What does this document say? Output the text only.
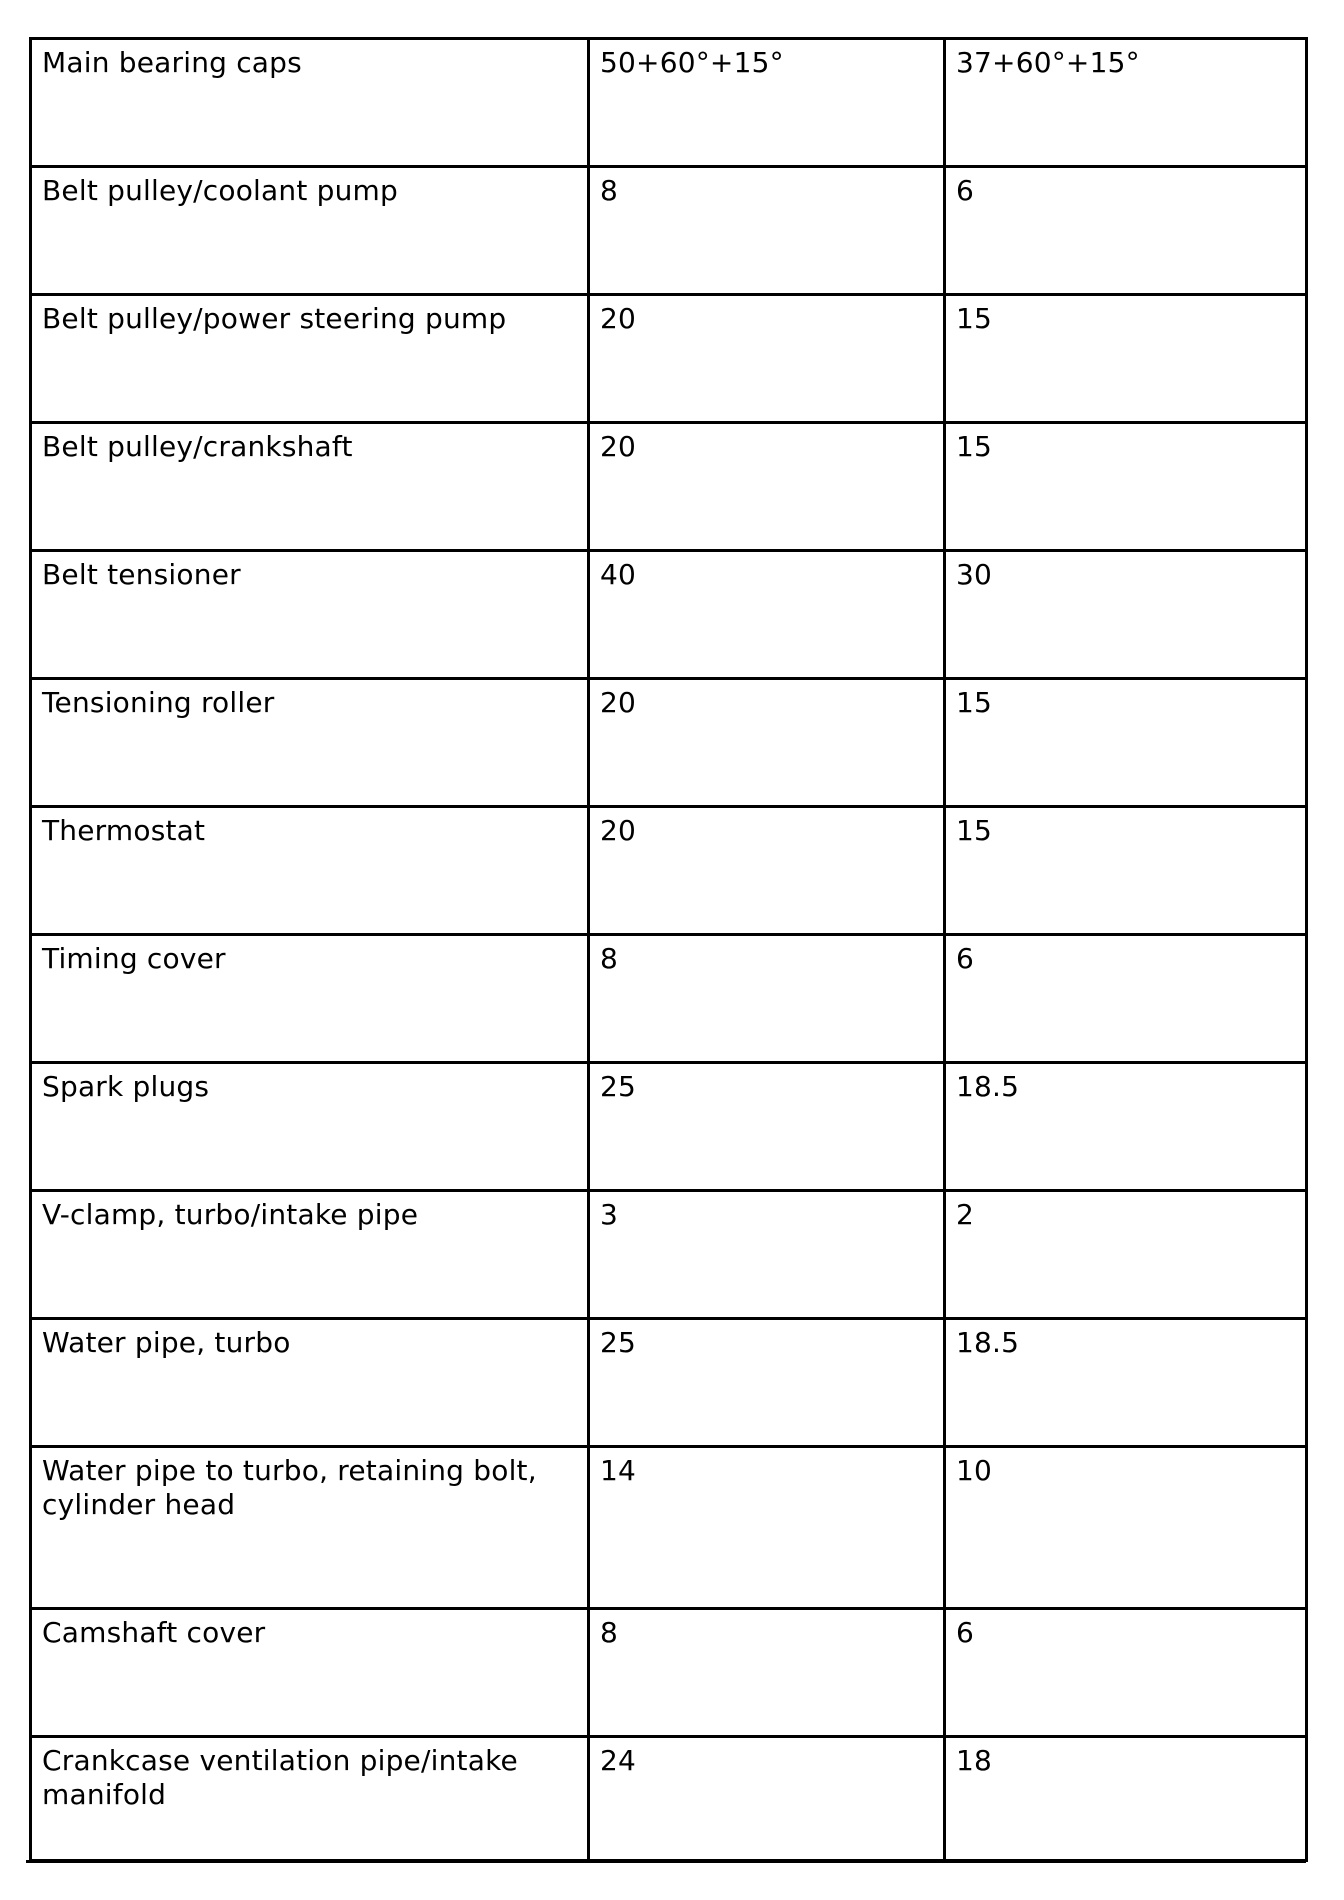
Main bearing caps	50+60°+15°	37+60°+15°
Belt pulley/coolant pump	8	6
Belt pulley/power steering pump	20	15
Belt pulley/crankshaft	20	15
Belt tensioner	40	30
Tensioning roller	20	15
Thermostat	20	15
Timing cover	8	6
Spark plugs	25	18.5
V-clamp, turbo/intake pipe	3	2
Water pipe, turbo	25	18.5
Water pipe to turbo, retaining bolt, cylinder head	14	10
Camshaft cover	8	6
Crankcase ventilation pipe/intake manifold	24	18
